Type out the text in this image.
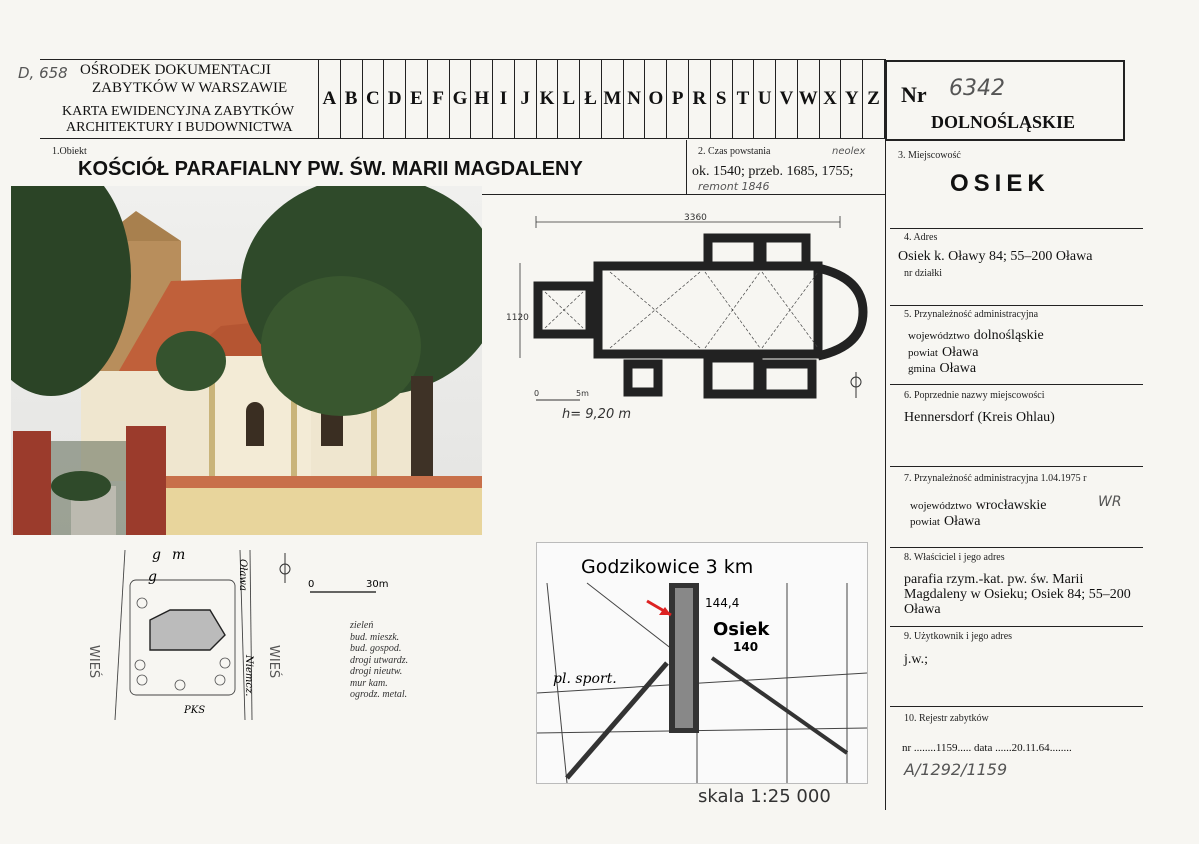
D, 658 OŚRODEK DOKUMENTACJI
ZABYTKÓW W WARSZAWIE
KARTA EWIDENCYJNA ZABYTKÓW
ARCHITEKTURY I BUDOWNICTWA
A B C D E F G H I J K L Ł M N O P R S T U V W X Y Z Nr 6342
DOLNOŚLĄSKIE
1.Obiekt
KOŚCIÓŁ PARAFIALNY PW. ŚW. MARII MAGDALENY
2. Czas powstania	neolex
ok. 1540; przeb. 1685, 1755;
remont 1846
3. Miejscowość
OSIEK
4. Adres
Osiek k. Oławy 84; 55–200 Oława
nr działki
5. Przynależność administracyjna
województwo dolnośląskie
powiat Oława
gmina Oława
6. Poprzednie nazwy miejscowości
Hennersdorf (Kreis Ohlau)
7. Przynależność administracyjna 1.04.1975 r
województwo wrocławskie	WR
powiat Oława
8. Właściciel i jego adres
parafia rzym.-kat. pw. św. Marii Magdaleny w Osieku; Osiek 84; 55–200 Oława
9. Użytkownik i jego adres
j.w.;
10. Rejestr zabytków
nr ........1159..... data ......20.11.64........
A/1292/1159
3360
1120
0	5m
h= 9,20 m
g m
g
WIEŚ	WIEŚ
Oława
Niemcz.
PKS
0	30m
zieleń
bud. mieszk.
bud. gospod.
drogi utwardz.
drogi nieutw.
mur kam.
ogrodz. metal.
Godzikowice 3 km
144,4
Osiek
140
pl. sport.
skala 1:25 000
